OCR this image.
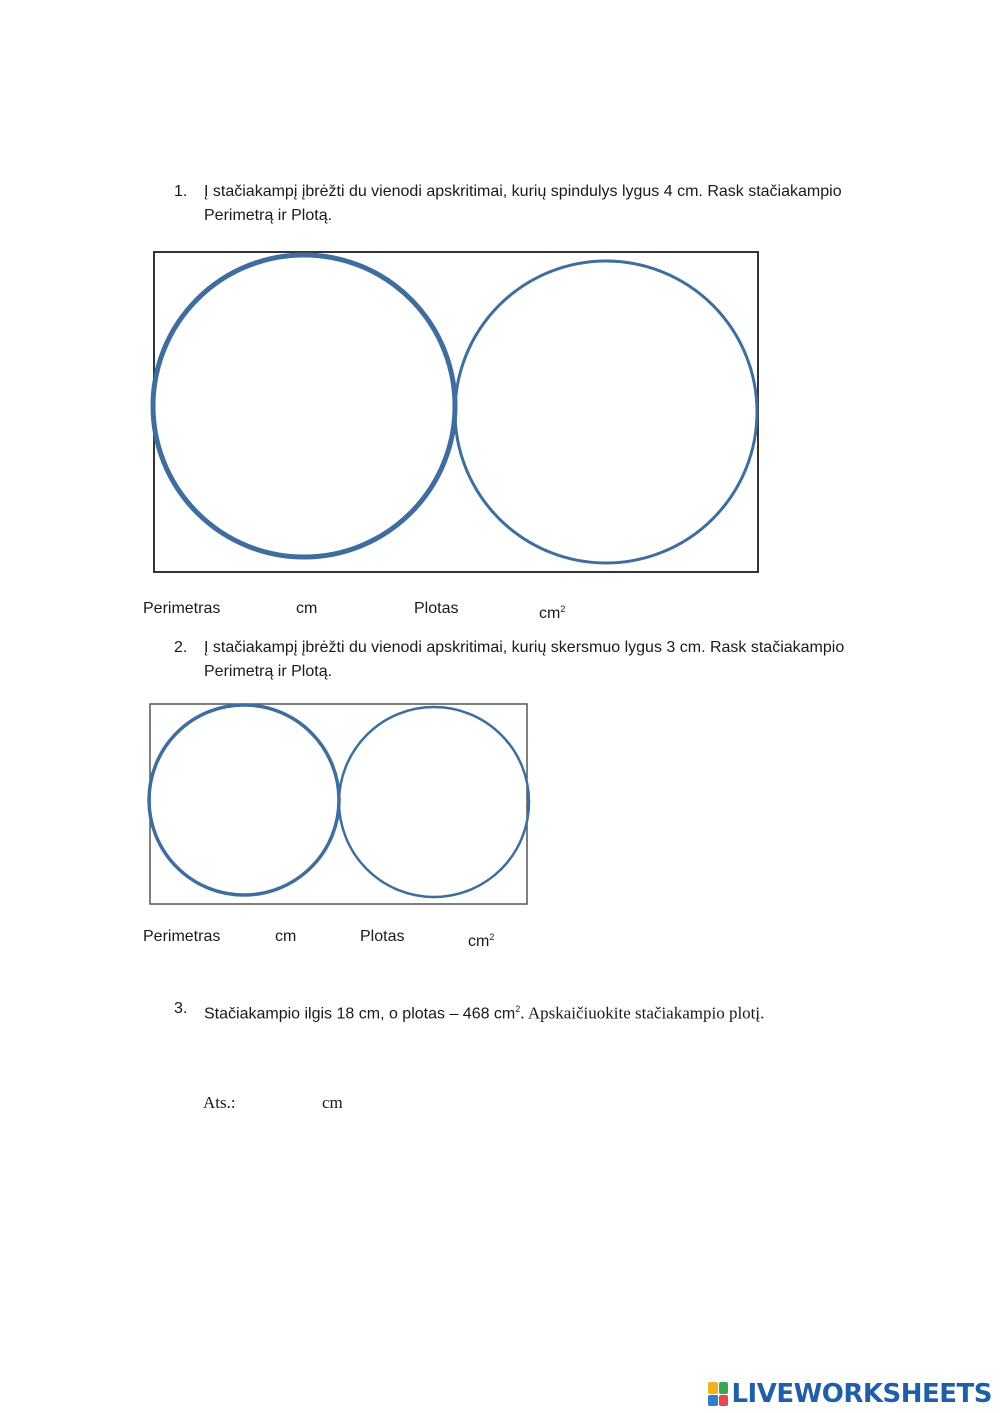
1. Į stačiakampį įbrėžti du vienodi apskritimai, kurių spindulys lygus 4 cm. Rask stačiakampio
Perimetrą ir Plotą.
Perimetras	cm	Plotas	$cm^2$
2. Į stačiakampį įbrėžti du vienodi apskritimai, kurių skersmuo lygus 3 cm. Rask stačiakampio
Perimetrą ir Plotą.
Perimetras	cm	Plotas	$cm^2$
3. Stačiakampio ilgis 18 cm, o plotas – 468 $cm^2$. Apskaičiuokite stačiakampio plotį.
Ats.:	cm
LIVEWORKSHEETS
